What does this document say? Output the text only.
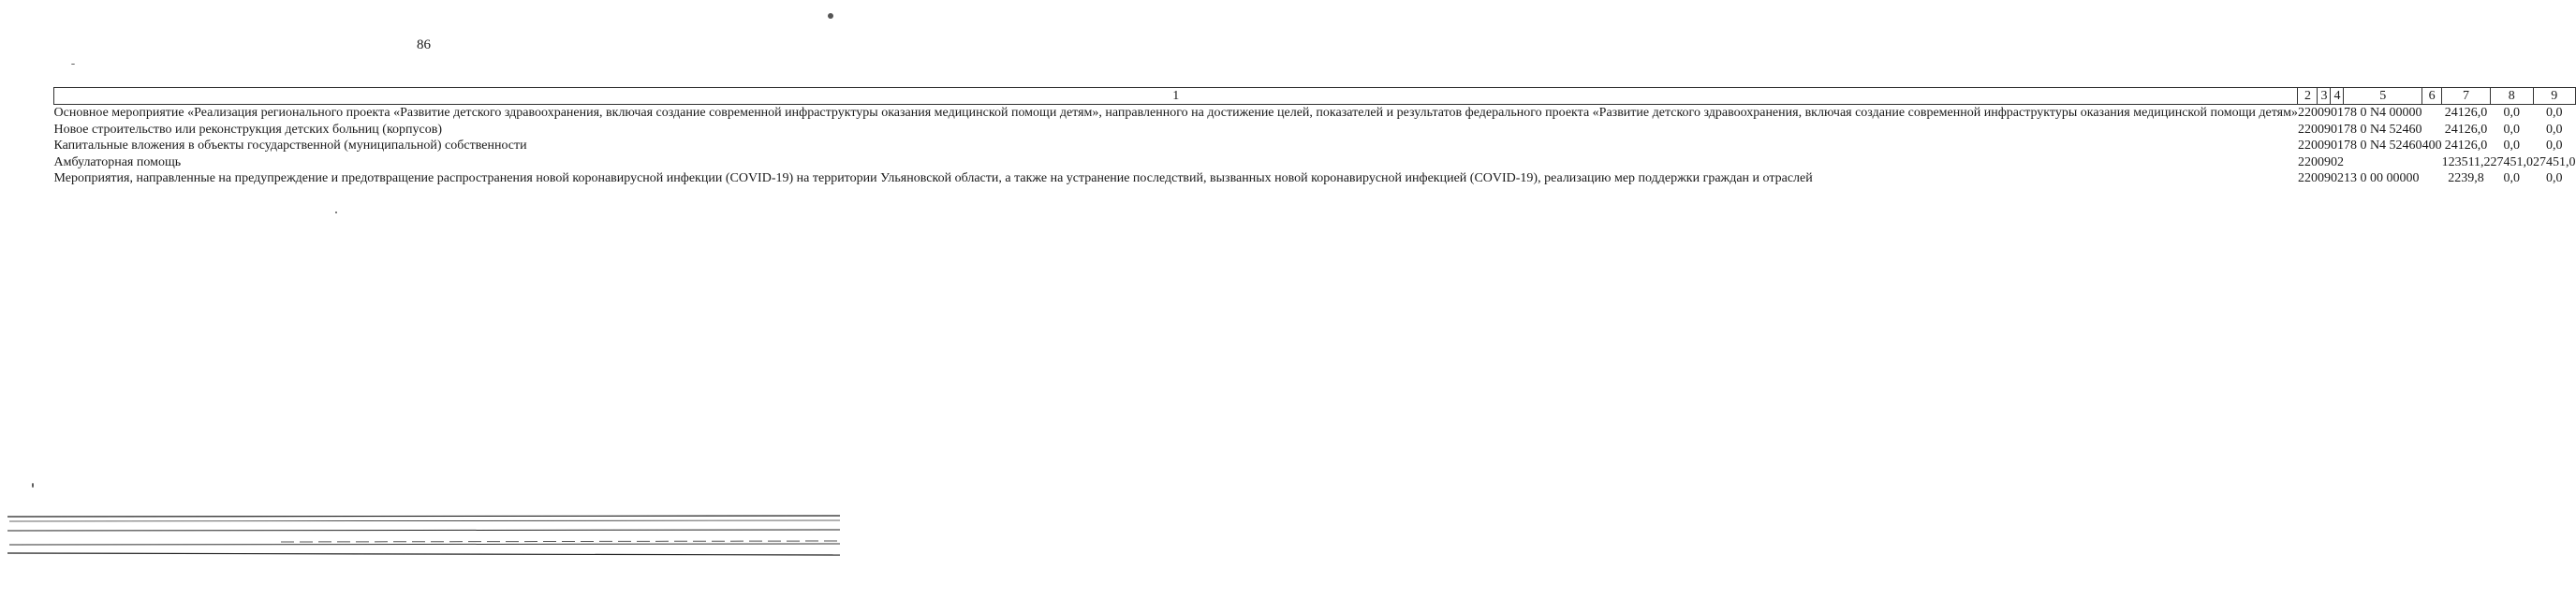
86
1	2	3	4	5	6	7	8	9
Основное мероприятие «Реализация регионального проекта «Развитие детского здравоохранения, включая создание современной инфраструктуры оказания медицинской помощи детям», направленного на достижение целей, показателей и результатов федерального проекта «Развитие детского здравоохранения, включая создание современной инфраструктуры оказания медицинской помощи детям»	220	09	01	78 0 N4 00000		24126,0	0,0	0,0
Новое строительство или реконструкция детских больниц (корпусов)	220	09	01	78 0 N4 52460		24126,0	0,0	0,0
Капитальные вложения в объекты государственной (муниципальной) собственности	220	09	01	78 0 N4 52460	400	24126,0	0,0	0,0
Амбулаторная помощь	220	09	02			123511,2	27451,0	27451,0
Мероприятия, направленные на предупреждение и предотвращение распространения новой коронавирусной инфекции (COVID-19) на территории Ульяновской области, а также на устранение последствий, вызванных новой коронавирусной инфекцией (COVID-19), реализацию мер поддержки граждан и отраслей	220	09	02	13 0 00 00000		2239,8	0,0	0,0
